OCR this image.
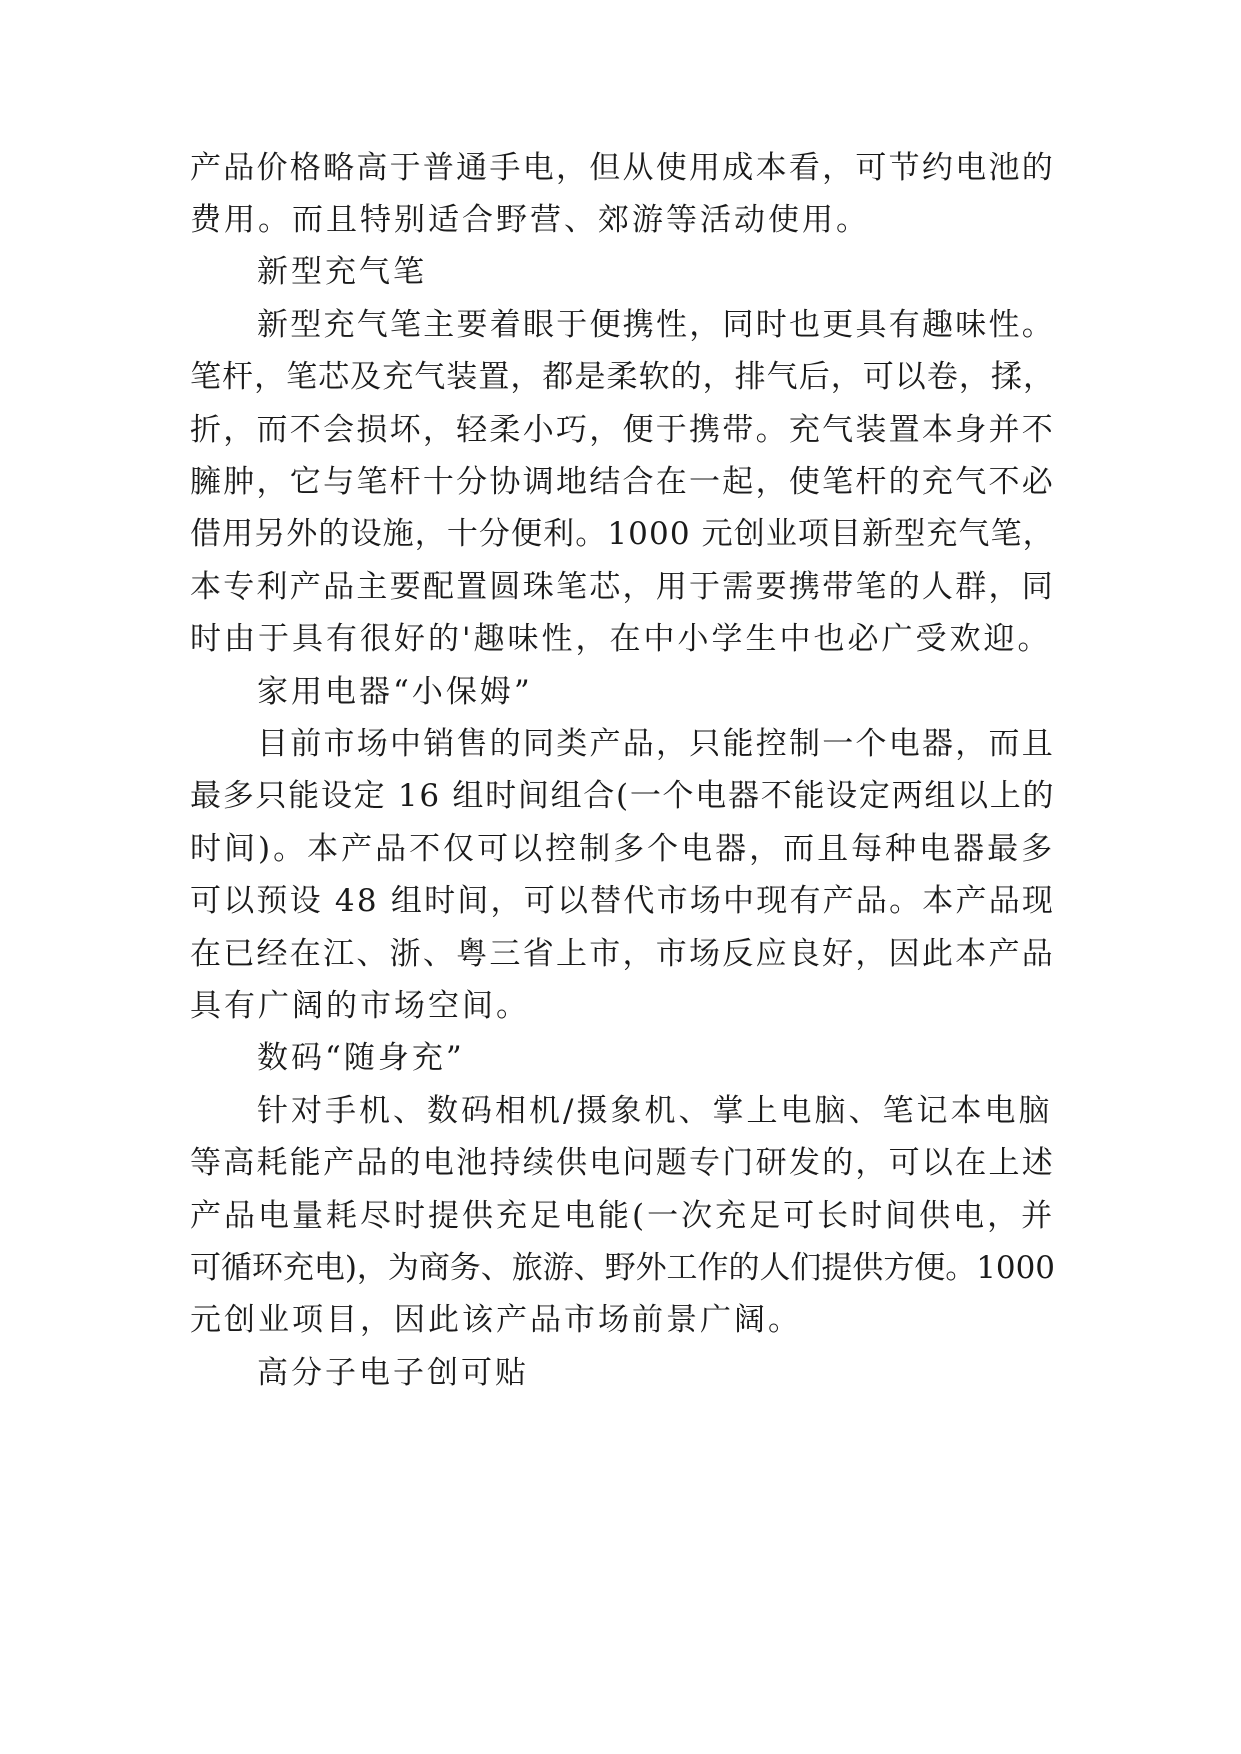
产品价格略高于普通手电，但从使用成本看，可节约电池的
费用。而且特别适合野营、郊游等活动使用。
新型充气笔
新型充气笔主要着眼于便携性，同时也更具有趣味性。
笔杆，笔芯及充气装置，都是柔软的，排气后，可以卷，揉，
折，而不会损坏，轻柔小巧，便于携带。充气装置本身并不
臃肿，它与笔杆十分协调地结合在一起，使笔杆的充气不必
借用另外的设施，十分便利。1000 元创业项目新型充气笔，
本专利产品主要配置圆珠笔芯，用于需要携带笔的人群，同
时由于具有很好的'趣味性，在中小学生中也必广受欢迎。
家用电器“小保姆”
目前市场中销售的同类产品，只能控制一个电器，而且
最多只能设定 16 组时间组合(一个电器不能设定两组以上的
时间)。本产品不仅可以控制多个电器，而且每种电器最多
可以预设 48 组时间，可以替代市场中现有产品。本产品现
在已经在江、浙、粤三省上市，市场反应良好，因此本产品
具有广阔的市场空间。
数码“随身充”
针对手机、数码相机/摄象机、掌上电脑、笔记本电脑
等高耗能产品的电池持续供电问题专门研发的，可以在上述
产品电量耗尽时提供充足电能(一次充足可长时间供电，并
可循环充电)，为商务、旅游、野外工作的人们提供方便。1000
元创业项目，因此该产品市场前景广阔。
高分子电子创可贴
